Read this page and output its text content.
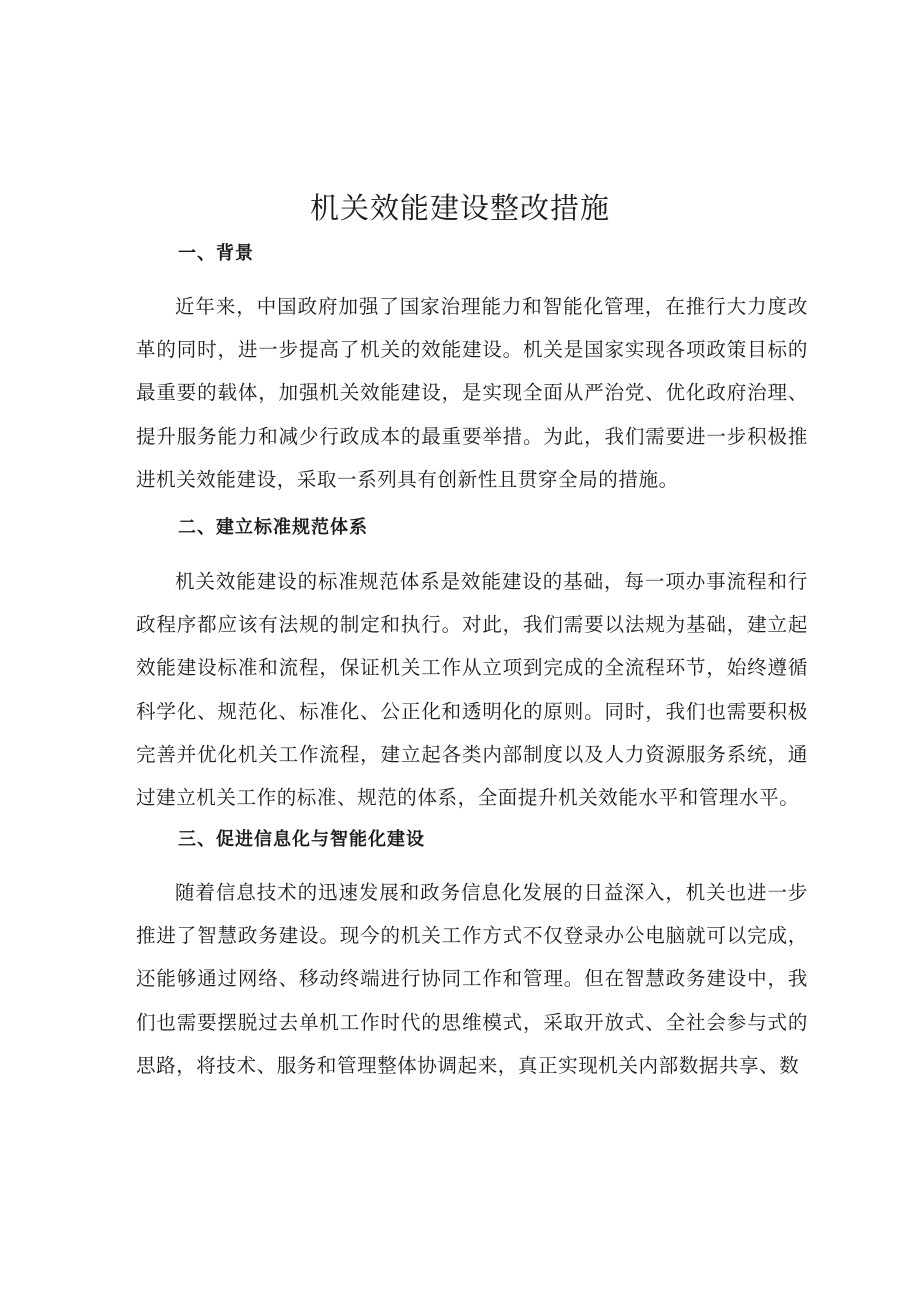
机关效能建设整改措施
一、背景

近年来，中国政府加强了国家治理能力和智能化管理，在推行大力度改革的同时，进一步提高了机关的效能建设。机关是国家实现各项政策目标的最重要的载体，加强机关效能建设，是实现全面从严治党、优化政府治理、提升服务能力和减少行政成本的最重要举措。为此，我们需要进一步积极推进机关效能建设，采取一系列具有创新性且贯穿全局的措施。

二、建立标准规范体系

机关效能建设的标准规范体系是效能建设的基础，每一项办事流程和行政程序都应该有法规的制定和执行。对此，我们需要以法规为基础，建立起效能建设标准和流程，保证机关工作从立项到完成的全流程环节，始终遵循科学化、规范化、标准化、公正化和透明化的原则。同时，我们也需要积极完善并优化机关工作流程，建立起各类内部制度以及人力资源服务系统，通过建立机关工作的标准、规范的体系，全面提升机关效能水平和管理水平。

三、促进信息化与智能化建设

随着信息技术的迅速发展和政务信息化发展的日益深入，机关也进一步推进了智慧政务建设。现今的机关工作方式不仅登录办公电脑就可以完成，还能够通过网络、移动终端进行协同工作和管理。但在智慧政务建设中，我们也需要摆脱过去单机工作时代的思维模式，采取开放式、全社会参与式的思路，将技术、服务和管理整体协调起来，真正实现机关内部数据共享、数
